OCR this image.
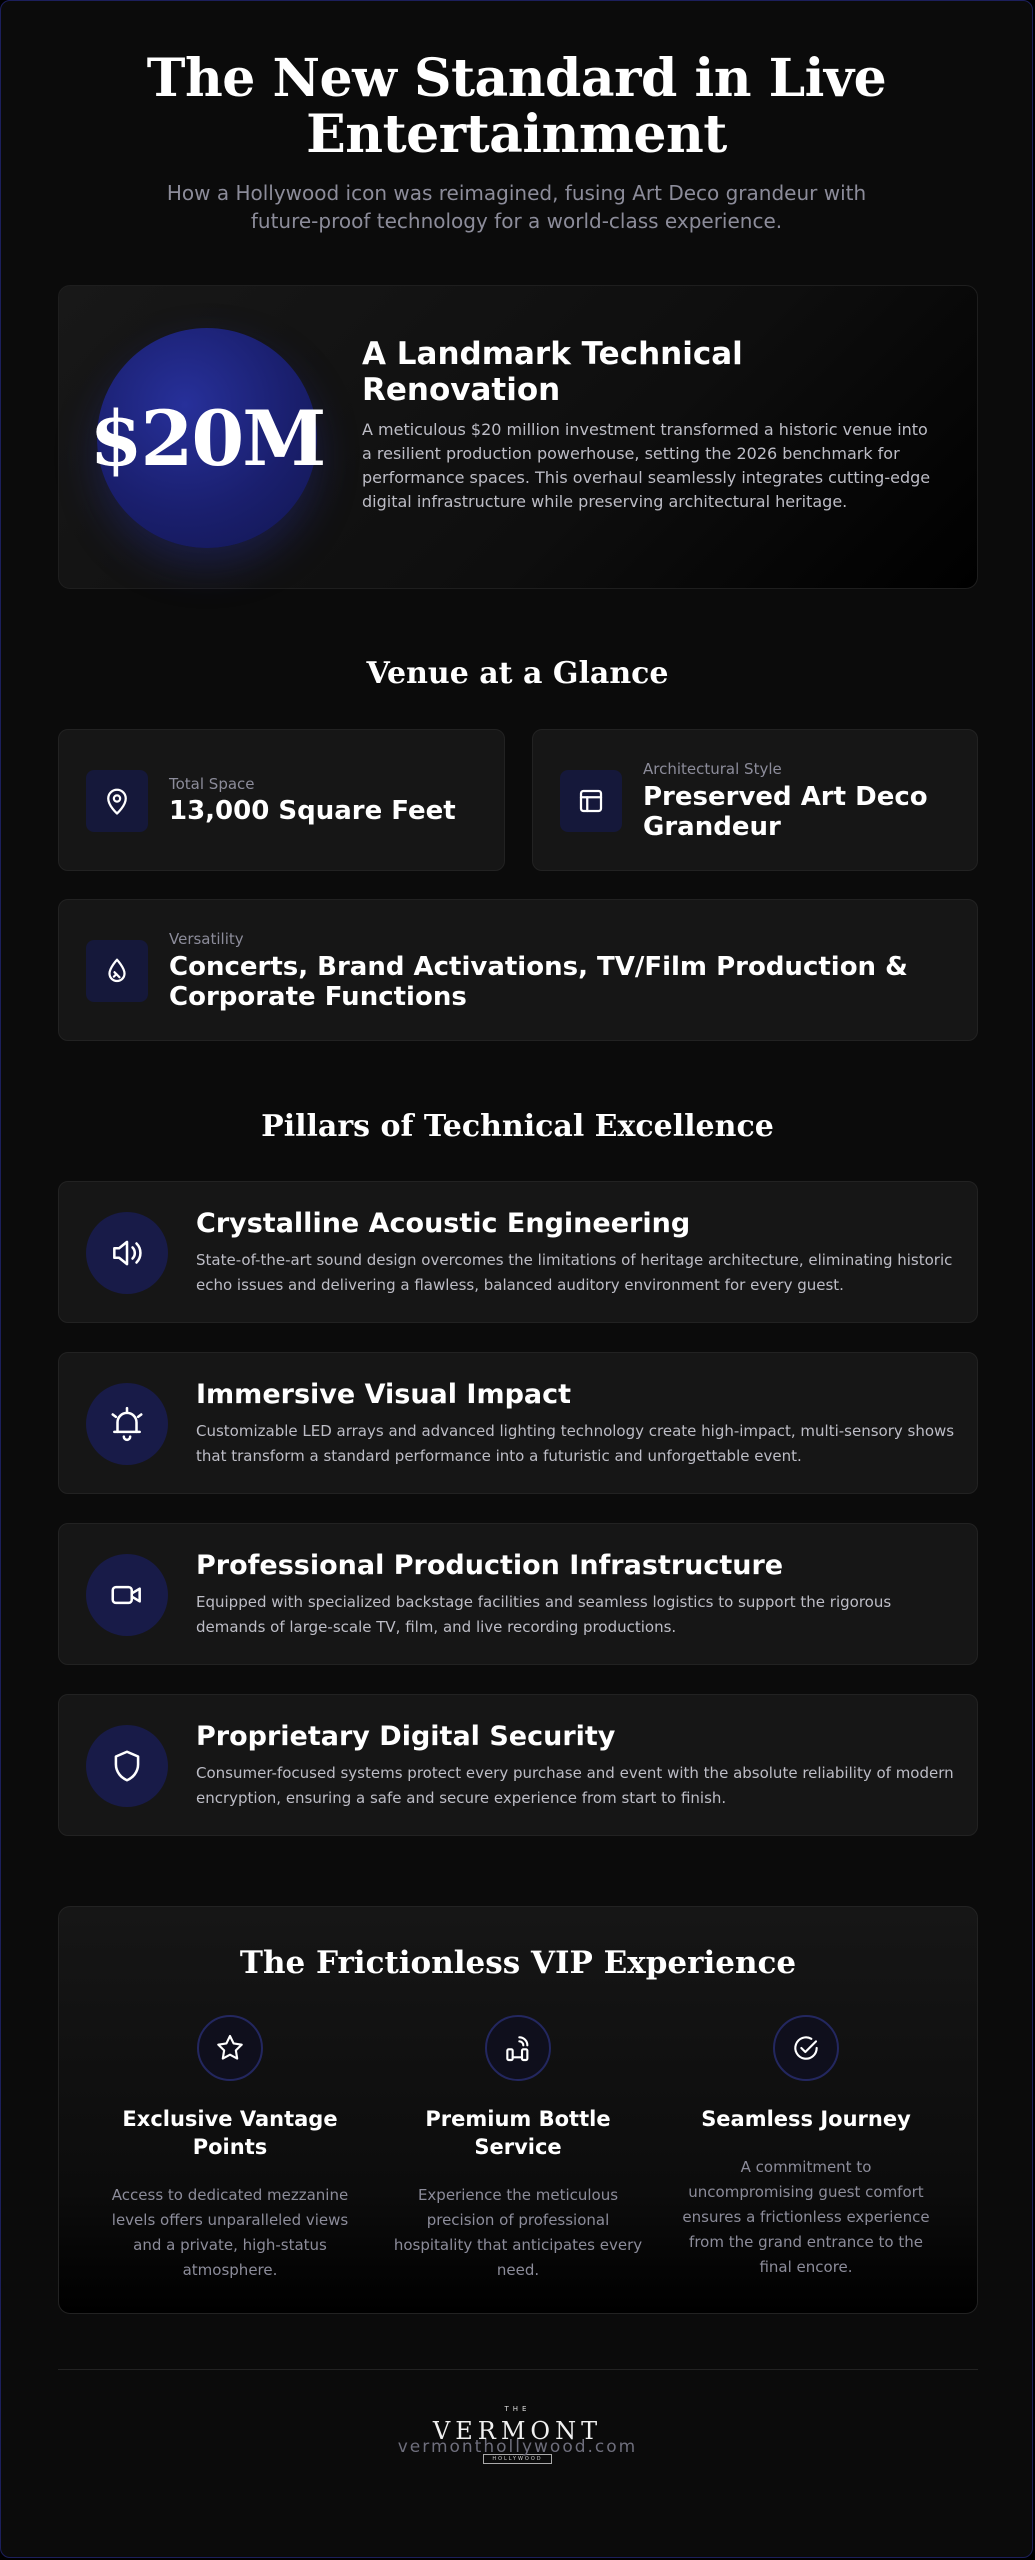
The New Standard in Live Entertainment
How a Hollywood icon was reimagined, fusing Art Deco grandeur with future-proof technology for a world-class experience.
$20M
A Landmark Technical Renovation
A meticulous $20 million investment transformed a historic venue into a resilient production powerhouse, setting the 2026 benchmark for performance spaces. This overhaul seamlessly integrates cutting-edge digital infrastructure while preserving architectural heritage.
Venue at a Glance
Total Space
13,000 Square Feet
Architectural Style
Preserved Art Deco Grandeur
Versatility
Concerts, Brand Activations, TV/Film Production & Corporate Functions
Pillars of Technical Excellence
Crystalline Acoustic Engineering
State-of-the-art sound design overcomes the limitations of heritage architecture, eliminating historic echo issues and delivering a flawless, balanced auditory environment for every guest.
Immersive Visual Impact
Customizable LED arrays and advanced lighting technology create high-impact, multi-sensory shows that transform a standard performance into a futuristic and unforgettable event.
Professional Production Infrastructure
Equipped with specialized backstage facilities and seamless logistics to support the rigorous demands of large-scale TV, film, and live recording productions.
Proprietary Digital Security
Consumer-focused systems protect every purchase and event with the absolute reliability of modern encryption, ensuring a safe and secure experience from start to finish.
The Frictionless VIP Experience
Exclusive Vantage Points
Access to dedicated mezzanine levels offers unparalleled views and a private, high-status atmosphere.
Premium Bottle Service
Experience the meticulous precision of professional hospitality that anticipates every need.
Seamless Journey
A commitment to uncompromising guest comfort ensures a frictionless experience from the grand entrance to the final encore.
THE
VERMONT
HOLLYWOOD
vermonthollywood.com
